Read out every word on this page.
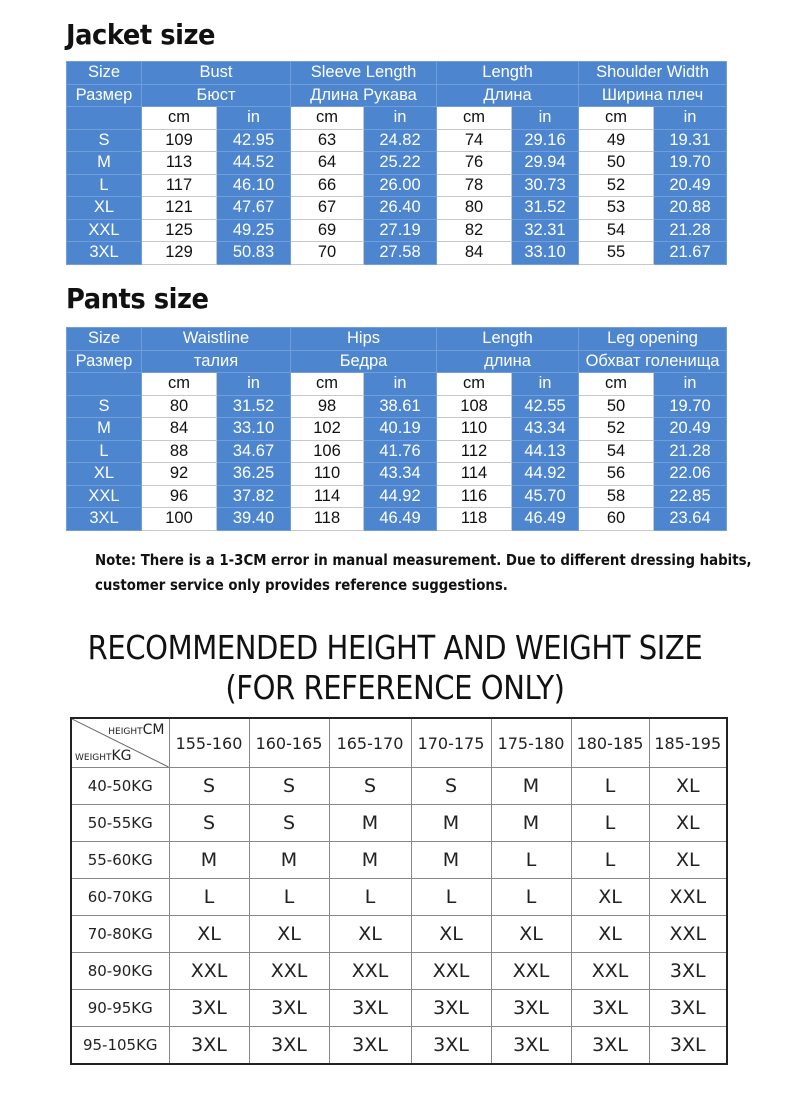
Jacket size
Size	Bust		Sleeve Length		Length		Shoulder Width	
Размер	Бюст		Длина Рукава		Длина		Ширина плеч	
	cm	in	cm	in	cm	in	cm	in
S	109	42.95	63	24.82	74	29.16	49	19.31
M	113	44.52	64	25.22	76	29.94	50	19.70
L	117	46.10	66	26.00	78	30.73	52	20.49
XL	121	47.67	67	26.40	80	31.52	53	20.88
XXL	125	49.25	69	27.19	82	32.31	54	21.28
3XL	129	50.83	70	27.58	84	33.10	55	21.67
Pants size
Size	Waistline		Hips		Length		Leg opening	
Размер	талия		Бедра		длина		Обхват голенища	
	cm	in	cm	in	cm	in	cm	in
S	80	31.52	98	38.61	108	42.55	50	19.70
M	84	33.10	102	40.19	110	43.34	52	20.49
L	88	34.67	106	41.76	112	44.13	54	21.28
XL	92	36.25	110	43.34	114	44.92	56	22.06
XXL	96	37.82	114	44.92	116	45.70	58	22.85
3XL	100	39.40	118	46.49	118	46.49	60	23.64
Note: There is a 1-3CM error in manual measurement. Due to different dressing habits,
customer service only provides reference suggestions.
RECOMMENDED HEIGHT AND WEIGHT SIZE
(FOR REFERENCE ONLY)
HEIGHTCM
WEIGHTKG	155-160	160-165	165-170	170-175	175-180	180-185	185-195
40-50KG	S	S	S	S	M	L	XL
50-55KG	S	S	M	M	M	L	XL
55-60KG	M	M	M	M	L	L	XL
60-70KG	L	L	L	L	L	XL	XXL
70-80KG	XL	XL	XL	XL	XL	XL	XXL
80-90KG	XXL	XXL	XXL	XXL	XXL	XXL	3XL
90-95KG	3XL	3XL	3XL	3XL	3XL	3XL	3XL
95-105KG	3XL	3XL	3XL	3XL	3XL	3XL	3XL
